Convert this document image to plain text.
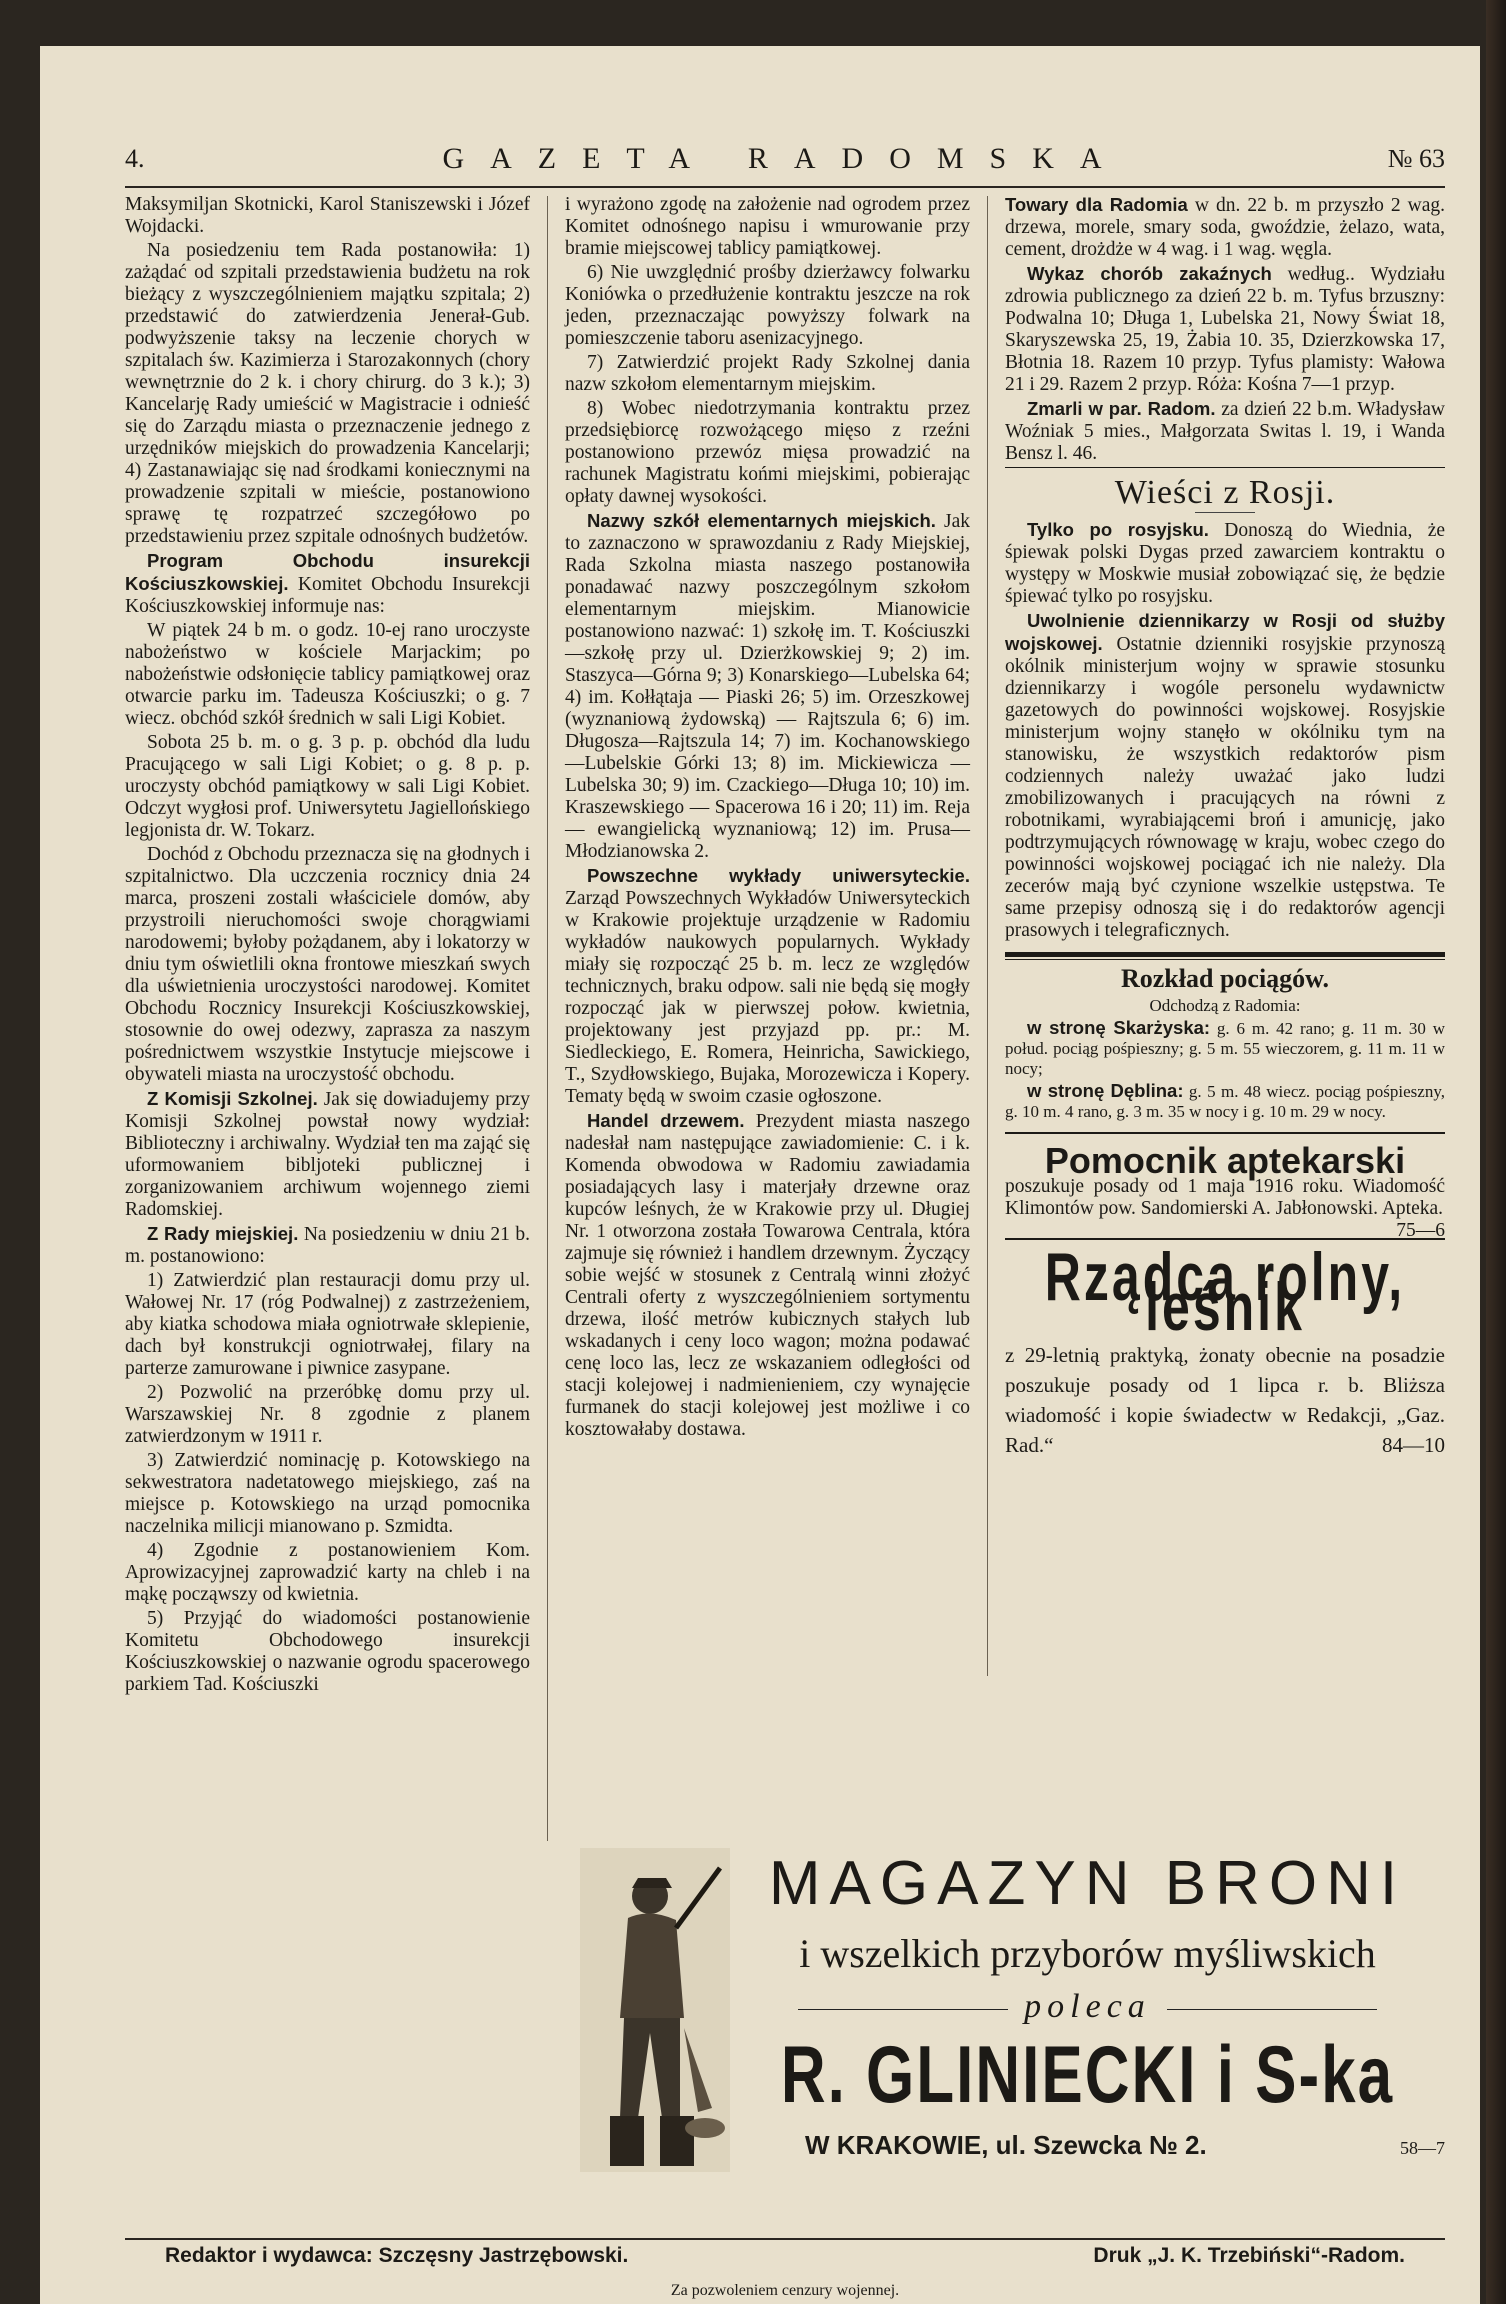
4.	GAZETA RADOMSKA	№ 63

Maksymiljan Skotnicki, Karol Staniszewski i Józef Wojdacki.

Na posiedzeniu tem Rada postanowiła: 1) zażądać od szpitali przedstawienia budżetu na rok bieżący z wyszczególnieniem majątku szpitala; 2) przedstawić do zatwierdzenia Jenerał-Gub. podwyższenie taksy na leczenie chorych w szpitalach św. Kazimierza i Starozakonnych (chory wewnętrznie do 2 k. i chory chirurg. do 3 k.); 3) Kancelarję Rady umieścić w Magistracie i odnieść się do Zarządu miasta o przeznaczenie jednego z urzędników miejskich do prowadzenia Kancelarji; 4) Zastanawiając się nad środkami koniecznymi na prowadzenie szpitali w mieście, postanowiono sprawę tę rozpatrzeć szczegółowo po przedstawieniu przez szpitale odnośnych budżetów.

Program Obchodu insurekcji Kościuszkowskiej. Komitet Obchodu Insurekcji Kościuszkowskiej informuje nas:

W piątek 24 b m. o godz. 10-ej rano uroczyste nabożeństwo w kościele Marjackim; po nabożeństwie odsłonięcie tablicy pamiątkowej oraz otwarcie parku im. Tadeusza Kościuszki; o g. 7 wiecz. obchód szkół średnich w sali Ligi Kobiet.

Sobota 25 b. m. o g. 3 p. p. obchód dla ludu Pracującego w sali Ligi Kobiet; o g. 8 p. p. uroczysty obchód pamiątkowy w sali Ligi Kobiet. Odczyt wygłosi prof. Uniwersytetu Jagiellońskiego legjonista dr. W. Tokarz.

Dochód z Obchodu przeznacza się na głodnych i szpitalnictwo. Dla uczczenia rocznicy dnia 24 marca, proszeni zostali właściciele domów, aby przystroili nieruchomości swoje chorągwiami narodowemi; byłoby pożądanem, aby i lokatorzy w dniu tym oświetlili okna frontowe mieszkań swych dla uświetnienia uroczystości narodowej. Komitet Obchodu Rocznicy Insurekcji Kościuszkowskiej, stosownie do owej odezwy, zaprasza za naszym pośrednictwem wszystkie Instytucje miejscowe i obywateli miasta na uroczystość obchodu.

Z Komisji Szkolnej. Jak się dowiadujemy przy Komisji Szkolnej powstał nowy wydział: Biblioteczny i archiwalny. Wydział ten ma zająć się uformowaniem bibljoteki publicznej i zorganizowaniem archiwum wojennego ziemi Radomskiej.

Z Rady miejskiej. Na posiedzeniu w dniu 21 b. m. postanowiono:

1) Zatwierdzić plan restauracji domu przy ul. Wałowej Nr. 17 (róg Podwalnej) z zastrzeżeniem, aby kiatka schodowa miała ogniotrwałe sklepienie, dach był konstrukcji ogniotrwałej, filary na parterze zamurowane i piwnice zasypane.

2) Pozwolić na przeróbkę domu przy ul. Warszawskiej Nr. 8 zgodnie z planem zatwierdzonym w 1911 r.

3) Zatwierdzić nominację p. Kotowskiego na sekwestratora nadetatowego miejskiego, zaś na miejsce p. Kotowskiego na urząd pomocnika naczelnika milicji mianowano p. Szmidta.

4) Zgodnie z postanowieniem Kom. Aprowizacyjnej zaprowadzić karty na chleb i na mąkę począwszy od kwietnia.

5) Przyjąć do wiadomości postanowienie Komitetu Obchodowego insurekcji Kościuszkowskiej o nazwanie ogrodu spacerowego parkiem Tad. Kościuszki

i wyrażono zgodę na założenie nad ogrodem przez Komitet odnośnego napisu i wmurowanie przy bramie miejscowej tablicy pamiątkowej.

6) Nie uwzględnić prośby dzierżawcy folwarku Koniówka o przedłużenie kontraktu jeszcze na rok jeden, przeznaczając powyższy folwark na pomieszczenie taboru asenizacyjnego.

7) Zatwierdzić projekt Rady Szkolnej dania nazw szkołom elementarnym miejskim.

8) Wobec niedotrzymania kontraktu przez przedsiębiorcę rozwożącego mięso z rzeźni postanowiono przewóz mięsa prowadzić na rachunek Magistratu końmi miejskimi, pobierając opłaty dawnej wysokości.

Nazwy szkół elementarnych miejskich. Jak to zaznaczono w sprawozdaniu z Rady Miejskiej, Rada Szkolna miasta naszego postanowiła ponadawać nazwy poszczególnym szkołom elementarnym miejskim. Mianowicie postanowiono nazwać: 1) szkołę im. T. Kościuszki—szkołę przy ul. Dzierżkowskiej 9; 2) im. Staszyca—Górna 9; 3) Konarskiego—Lubelska 64; 4) im. Kołłątaja — Piaski 26; 5) im. Orzeszkowej (wyznaniową żydowską) — Rajtszula 6; 6) im. Długosza—Rajtszula 14; 7) im. Kochanowskiego—Lubelskie Górki 13; 8) im. Mickiewicza — Lubelska 30; 9) im. Czackiego—Długa 10; 10) im. Kraszewskiego — Spacerowa 16 i 20; 11) im. Reja — ewangielicką wyznaniową; 12) im. Prusa—Młodzianowska 2.

Powszechne wykłady uniwersyteckie. Zarząd Powszechnych Wykładów Uniwersyteckich w Krakowie projektuje urządzenie w Radomiu wykładów naukowych popularnych. Wykłady miały się rozpocząć 25 b. m. lecz ze względów technicznych, braku odpow. sali nie będą się mogły rozpocząć jak w pierwszej połow. kwietnia, projektowany jest przyjazd pp. pr.: M. Siedleckiego, E. Romera, Heinricha, Sawickiego, T., Szydłowskiego, Bujaka, Morozewicza i Kopery. Tematy będą w swoim czasie ogłoszone.

Handel drzewem. Prezydent miasta naszego nadesłał nam następujące zawiadomienie: C. i k. Komenda obwodowa w Radomiu zawiadamia posiadających lasy i materjały drzewne oraz kupców leśnych, że w Krakowie przy ul. Długiej Nr. 1 otworzona została Towarowa Centrala, która zajmuje się również i handlem drzewnym. Życzący sobie wejść w stosunek z Centralą winni złożyć Centrali oferty z wyszczególnieniem sortymentu drzewa, ilość metrów kubicznych stałych lub wskadanych i ceny loco wagon; można podawać cenę loco las, lecz ze wskazaniem odległości od stacji kolejowej i nadmienieniem, czy wynajęcie furmanek do stacji kolejowej jest możliwe i co kosztowałaby dostawa.

Towary dla Radomia w dn. 22 b. m przyszło 2 wag. drzewa, morele, smary soda, gwoździe, żelazo, wata, cement, drożdże w 4 wag. i 1 wag. węgla.

Wykaz chorób zakaźnych według.. Wydziału zdrowia publicznego za dzień 22 b. m. Tyfus brzuszny: Podwalna 10; Długa 1, Lubelska 21, Nowy Świat 18, Skaryszewska 25, 19, Żabia 10. 35, Dzierzkowska 17, Błotnia 18. Razem 10 przyp. Tyfus plamisty: Wałowa 21 i 29. Razem 2 przyp. Róża: Kośna 7—1 przyp.

Zmarli w par. Radom. za dzień 22 b.m. Władysław Woźniak 5 mies., Małgorzata Switas l. 19, i Wanda Bensz l. 46.

Wieści z Rosji.

Tylko po rosyjsku. Donoszą do Wiednia, że śpiewak polski Dygas przed zawarciem kontraktu o występy w Moskwie musiał zobowiązać się, że będzie śpiewać tylko po rosyjsku.

Uwolnienie dziennikarzy w Rosji od służby wojskowej. Ostatnie dzienniki rosyjskie przynoszą okólnik ministerjum wojny w sprawie stosunku dziennikarzy i wogóle personelu wydawnictw gazetowych do powinności wojskowej. Rosyjskie ministerjum wojny stanęło w okólniku tym na stanowisku, że wszystkich redaktorów pism codziennych należy uważać jako ludzi zmobilizowanych i pracujących na równi z robotnikami, wyrabiającemi broń i amunicję, jako podtrzymujących równowagę w kraju, wobec czego do powinności wojskowej pociągać ich nie należy. Dla zecerów mają być czynione wszelkie ustępstwa. Te same przepisy odnoszą się i do redaktorów agencji prasowych i telegraficznych.

Rozkład pociągów.

Odchodzą z Radomia:

w stronę Skarżyska: g. 6 m. 42 rano; g. 11 m. 30 w połud. pociąg pośpieszny; g. 5 m. 55 wieczorem, g. 11 m. 11 w nocy;

w stronę Dęblina: g. 5 m. 48 wiecz. pociąg pośpieszny, g. 10 m. 4 rano, g. 3 m. 35 w nocy i g. 10 m. 29 w nocy.

Pomocnik aptekarski

poszukuje posady od 1 maja 1916 roku. Wiadomość Klimontów pow. Sandomierski A. Jabłonowski. Apteka.
75—6

Rządca rolny, leśnik

z 29-letnią praktyką, żonaty obecnie na posadzie poszukuje posady od 1 lipca r. b. Bliższa wiadomość i kopie świadectw w Redakcji, „Gaz. Rad.“	84—10

MAGAZYN BRONI
i wszelkich przyborów myśliwskich
poleca
R. GLINIECKI i S-ka
W KRAKOWIE, ul. Szewcka № 2.	58—7
Redaktor i wydawca: Szczęsny Jastrzębowski.	Druk „J. K. Trzebiński“-Radom.
Za pozwoleniem cenzury wojennej.
